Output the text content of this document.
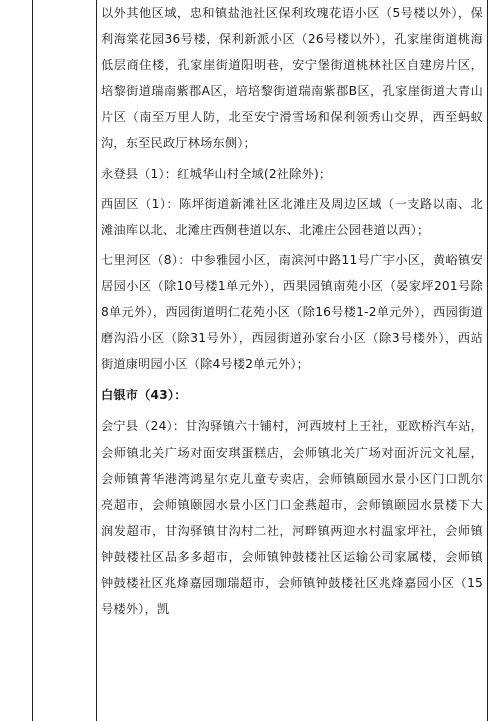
以外其他区域，忠和镇盐池社区保利玫瑰花语小区（5号楼以外），保利海棠花园36号楼，保利新派小区（26号楼以外），孔家崖街道桃海低层商住楼，孔家崖街道阳明巷，安宁堡街道桃林社区自建房片区，培黎街道瑞南紫郡A区，培培黎街道瑞南紫郡B区，孔家崖街道大青山片区（南至万里人防，北至安宁滑雪场和保利领秀山交界，西至蚂蚁沟，东至民政厅林场东侧）；

永登县（1）：红城华山村全域(2社除外)；

西固区（1）：陈坪街道新滩社区北滩庄及周边区域（一支路以南、北滩油库以北、北滩庄西侧巷道以东、北滩庄公园巷道以西）；

七里河区（8）：中参雅园小区，南滨河中路11号广宇小区，黄峪镇安居园小区（除10号楼1单元外），西果园镇南苑小区（晏家坪201号除8单元外），西园街道明仁花苑小区（除16号楼1-2单元外），西园街道磨沟沿小区（除31号外），西园街道孙家台小区（除3号楼外），西站街道康明园小区（除4号楼2单元外）；

白银市（43）：

会宁县（24）：甘沟驿镇六十铺村，河西坡村上王社，亚欧桥汽车站，会师镇北关广场对面安琪蛋糕店，会师镇北关广场对面沂沅文礼屋，会师镇菁华港湾鸿星尔克儿童专卖店，会师镇颐园水景小区门口凯尔亮超市，会师镇颐园水景小区门口金燕超市，会师镇颐园水景楼下大润发超市，甘沟驿镇甘沟村二社，河畔镇两迎水村温家坪社，会师镇钟鼓楼社区品多多超市，会师镇钟鼓楼社区运输公司家属楼，会师镇钟鼓楼社区兆烽嘉园珈瑞超市，会师镇钟鼓楼社区兆烽嘉园小区（15号楼外），凯
